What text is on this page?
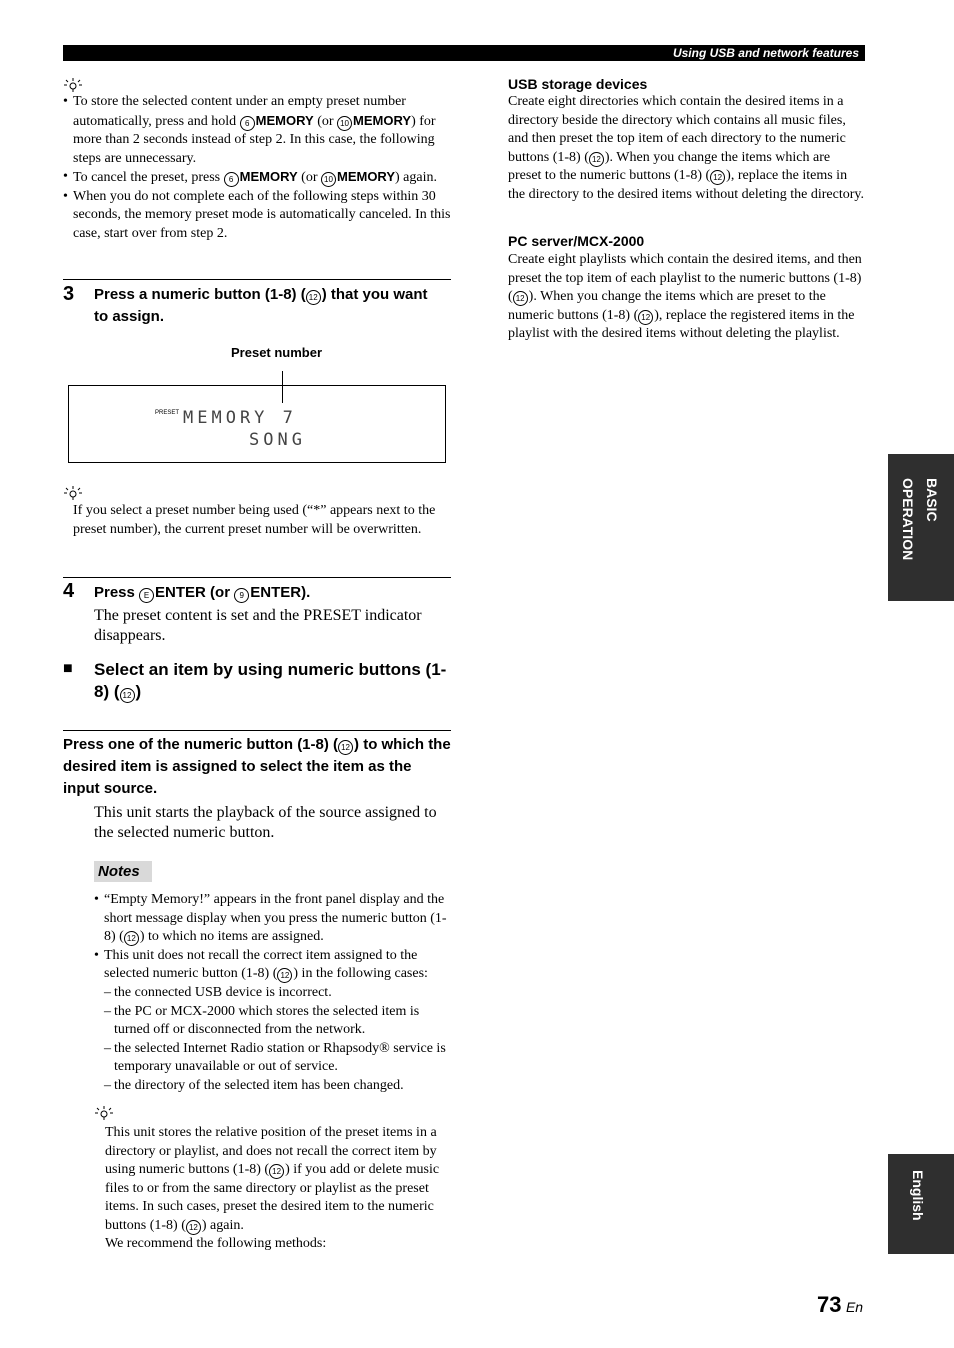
Using USB and network features
• To store the selected content under an empty preset number automatically, press and hold 6 MEMORY (or 10 MEMORY) for more than 2 seconds instead of step 2. In this case, the following steps are unnecessary.
• To cancel the preset, press 6 MEMORY (or 10 MEMORY) again.
• When you do not complete each of the following steps within 30 seconds, the memory preset mode is automatically canceled. In this case, start over from step 2.
3 Press a numeric button (1-8) ( 12 ) that you want to assign.
Preset number
PRESET MEMORY 7
SONG
If you select a preset number being used (“*” appears next to the preset number), the current preset number will be overwritten.
4 Press E ENTER (or 9 ENTER).
The preset content is set and the PRESET indicator disappears.
■ Select an item by using numeric buttons (1-8) ( 12 )
Press one of the numeric button (1-8) ( 12 ) to which the desired item is assigned to select the item as the input source.
This unit starts the playback of the source assigned to the selected numeric button.
Notes
• “Empty Memory!” appears in the front panel display and the short message display when you press the numeric button (1-8) ( 12 ) to which no items are assigned.
• This unit does not recall the correct item assigned to the selected numeric button (1-8) ( 12 ) in the following cases:
– the connected USB device is incorrect.
– the PC or MCX-2000 which stores the selected item is turned off or disconnected from the network.
– the selected Internet Radio station or Rhapsody® service is temporary unavailable or out of service.
– the directory of the selected item has been changed.
This unit stores the relative position of the preset items in a directory or playlist, and does not recall the correct item by using numeric buttons (1-8) ( 12 ) if you add or delete music files to or from the same directory or playlist as the preset items. In such cases, preset the desired item to the numeric buttons (1-8) ( 12 ) again.
We recommend the following methods:
USB storage devices
Create eight directories which contain the desired items in a directory beside the directory which contains all music files, and then preset the top item of each directory to the numeric buttons (1-8) ( 12 ). When you change the items which are preset to the numeric buttons (1-8) ( 12 ), replace the items in the directory to the desired items without deleting the directory.
PC server/MCX-2000
Create eight playlists which contain the desired items, and then preset the top item of each playlist to the numeric buttons (1-8) ( 12 ). When you change the items which are preset to the numeric buttons (1-8) ( 12 ), replace the registered items in the playlist with the desired items without deleting the playlist.
BASIC OPERATION
English
73 En
